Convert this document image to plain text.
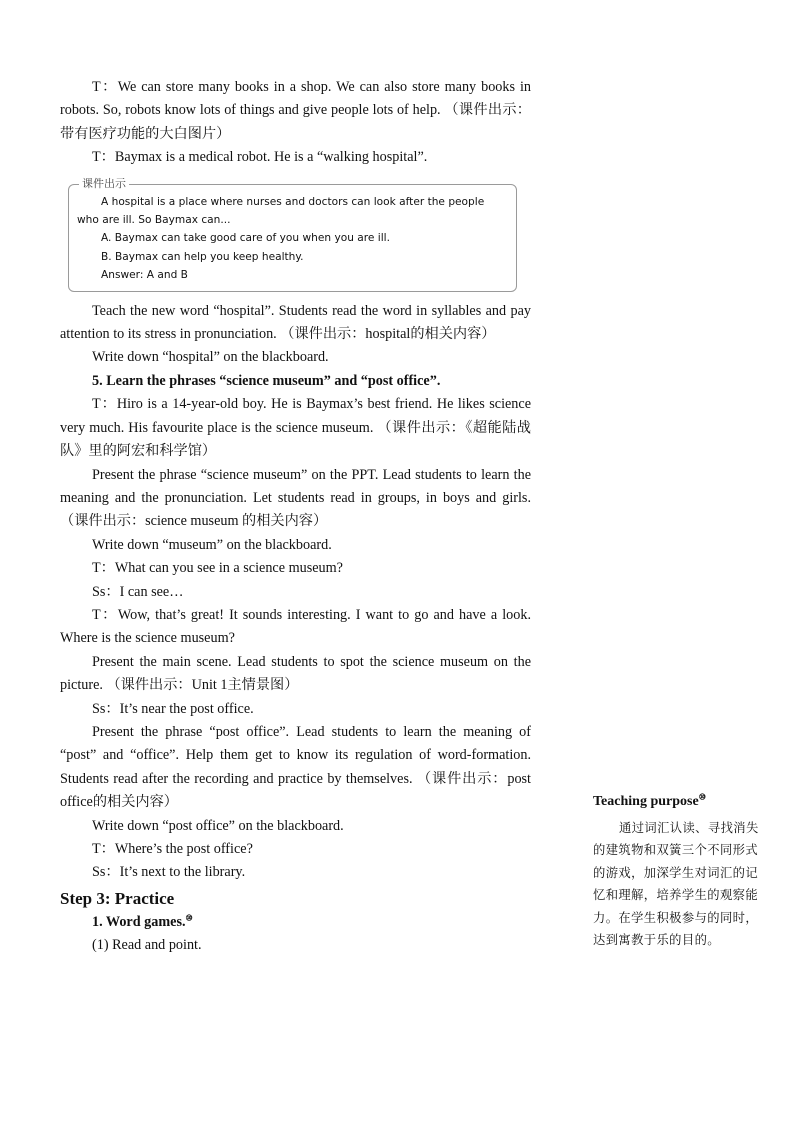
T：We can store many books in a shop. We can also store many books in robots. So, robots know lots of things and give people lots of help. （课件出示：带有医疗功能的大白图片）

T：Baymax is a medical robot. He is a “walking hospital”.

课件出示

A hospital is a place where nurses and doctors can look after the people who are ill. So Baymax can...

A. Baymax can take good care of you when you are ill.

B. Baymax can help you keep healthy.

Answer: A and B

Teach the new word “hospital”. Students read the word in syllables and pay attention to its stress in pronunciation. （课件出示：hospital的相关内容）

Write down “hospital” on the blackboard.

5. Learn the phrases “science museum” and “post office”.

T：Hiro is a 14-year-old boy. He is Baymax’s best friend. He likes science very much. His favourite place is the science museum. （课件出示：《超能陆战队》里的阿宏和科学馆）

Present the phrase “science museum” on the PPT. Lead students to learn the meaning and the pronunciation. Let students read in groups, in boys and girls. （课件出示：science museum 的相关内容）

Write down “museum” on the blackboard.

T：What can you see in a science museum?

Ss：I can see…

T：Wow, that’s great! It sounds interesting. I want to go and have a look. Where is the science museum?

Present the main scene. Lead students to spot the science museum on the picture. （课件出示：Unit 1主情景图）

Ss：It’s near the post office.

Present the phrase “post office”. Lead students to learn the meaning of “post” and “office”. Help them get to know its regulation of word-formation. Students read after the recording and practice by themselves. （课件出示：post office的相关内容）

Write down “post office” on the blackboard.

T：Where’s the post office?

Ss：It’s next to the library.

Step 3: Practice

1. Word games.⑩

(1) Read and point.

Teaching purpose⑩

通过词汇认读、寻找消失的建筑物和双簧三个不同形式的游戏，加深学生对词汇的记忆和理解，培养学生的观察能力。在学生积极参与的同时，达到寓教于乐的目的。
